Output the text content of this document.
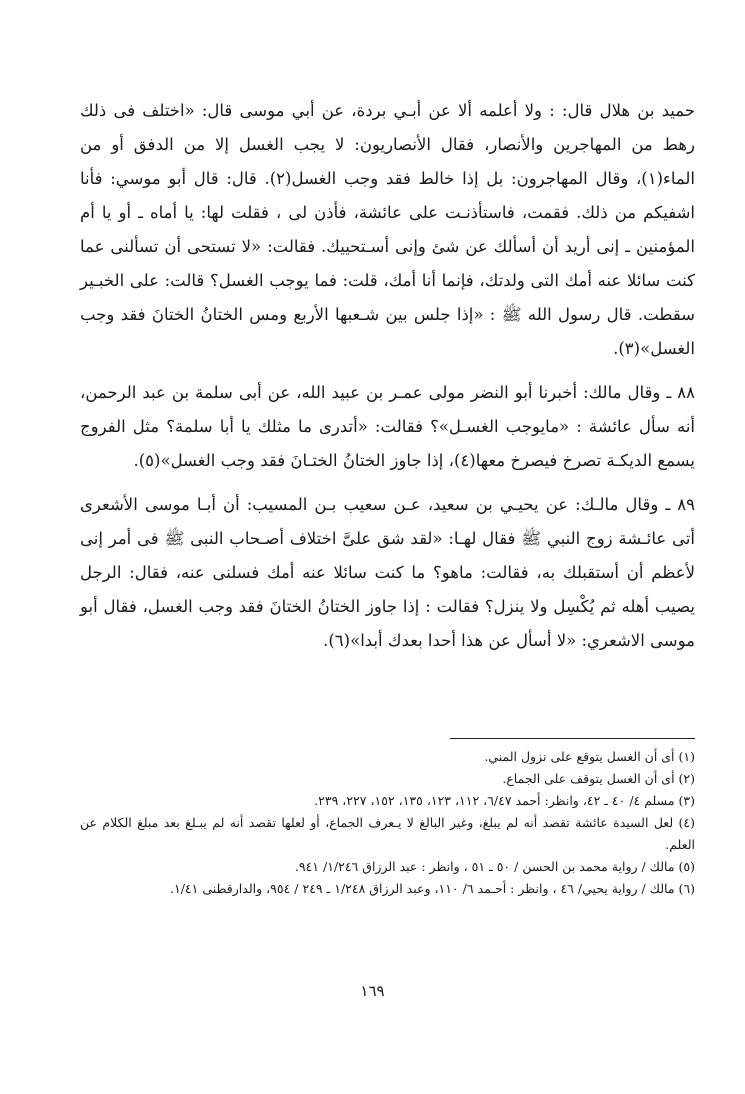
حميد بن هلال قال: : ولا أعلمه ألا عن أبـي بردة، عن أبي موسى قال: «اختلف فى ذلك رهط من المهاجرين والأنصار، فقال الأنصاريون: لا يجب الغسل إلا من الدفق أو من الماء(١)، وقال المهاجرون: بل إذا خالط فقد وجب الغسل(٢). قال: قال أبو موسي: فأنا اشفيكم من ذلك. فقمت، فاستأذنـت على عائشة، فأذن لى ، فقلت لها: يا أماه ـ أو يا أم المؤمنين ـ إنى أريد أن أسألك عن شئ وإنى أسـتحييك. فقالت: «لا تستحى أن تسألنى عما كنت سائلا عنه أمك التى ولدتك، فإنما أنا أمك، قلت: فما يوجب الغسل؟ قالت: على الخبـير سقطت. قال رسول الله ﷺ : «إذا جلس بين شـعبها الأربع ومس الختانُ الختانَ فقد وجب الغسل»(٣).

٨٨ ـ وقال مالك: أخبرنا أبو النضر مولى عمـر بن عبيد الله، عن أبى سلمة بن عبد الرحمن، أنه سأل عائشة : «مايوجب الغسـل»؟ فقالت: «أتدرى ما مثلك يا أبا سلمة؟ مثل الفروج يسمع الديكـة تصرخ فيصرخ معها(٤)، إذا جاوز الختانُ الختـانَ فقد وجب الغسل»(٥).

٨٩ ـ وقال مالـك: عن يحيـي بن سعيد، عـن سعيب بـن المسيب: أن أبـا موسى الأشعرى أتى عائـشة زوج النبي ﷺ فقال لهـا: «لقد شق علىَّ اختلاف أصـحاب النبى ﷺ فى أمر إنى لأعظم أن أستقبلك به، فقالت: ماهو؟ ما كنت سائلا عنه أمك فسلنى عنه، فقال: الرجل يصيب أهله ثم يُكْسِل ولا ينزل؟ فقالت : إذا جاوز الختانُ الختانَ فقد وجب الغسل، فقال أبو موسى الاشعري: «لا أسأل عن هذا أحدا بعدك أبدا»(٦).

(١) أى أن الغسل يتوقع على نزول المني.

(٢) أى أن الغسل يتوقف على الجماع.

(٣) مسلم ٤/ ٤٠ ـ ٤٢، وانظر: أحمد ٦/٤٧، ١١٢، ١٢٣، ١٣٥، ١٥٢، ٢٢٧، ٢٣٩.

(٤) لعل السيدة عائشة تقصد أنه لم يبلغ، وغير البالغ لا يـعرف الجماع، أو لعلها تقصد أنه لم يبـلغ بعد مبلغ الكلام عن العلم.

(٥) مالك / رواية محمد بن الحسن / ٥٠ ـ ٥١ ، وانظر : عبد الرزاق ١/٢٤٦/ ٩٤١.

(٦) مالك / رواية يحيي/ ٤٦ ، وانظر : أحـمد ٦/ ١١٠، وعبد الرزاق ١/٢٤٨ ـ ٢٤٩ / ٩٥٤، والدارقطنى ١/٤١.

١٦٩
